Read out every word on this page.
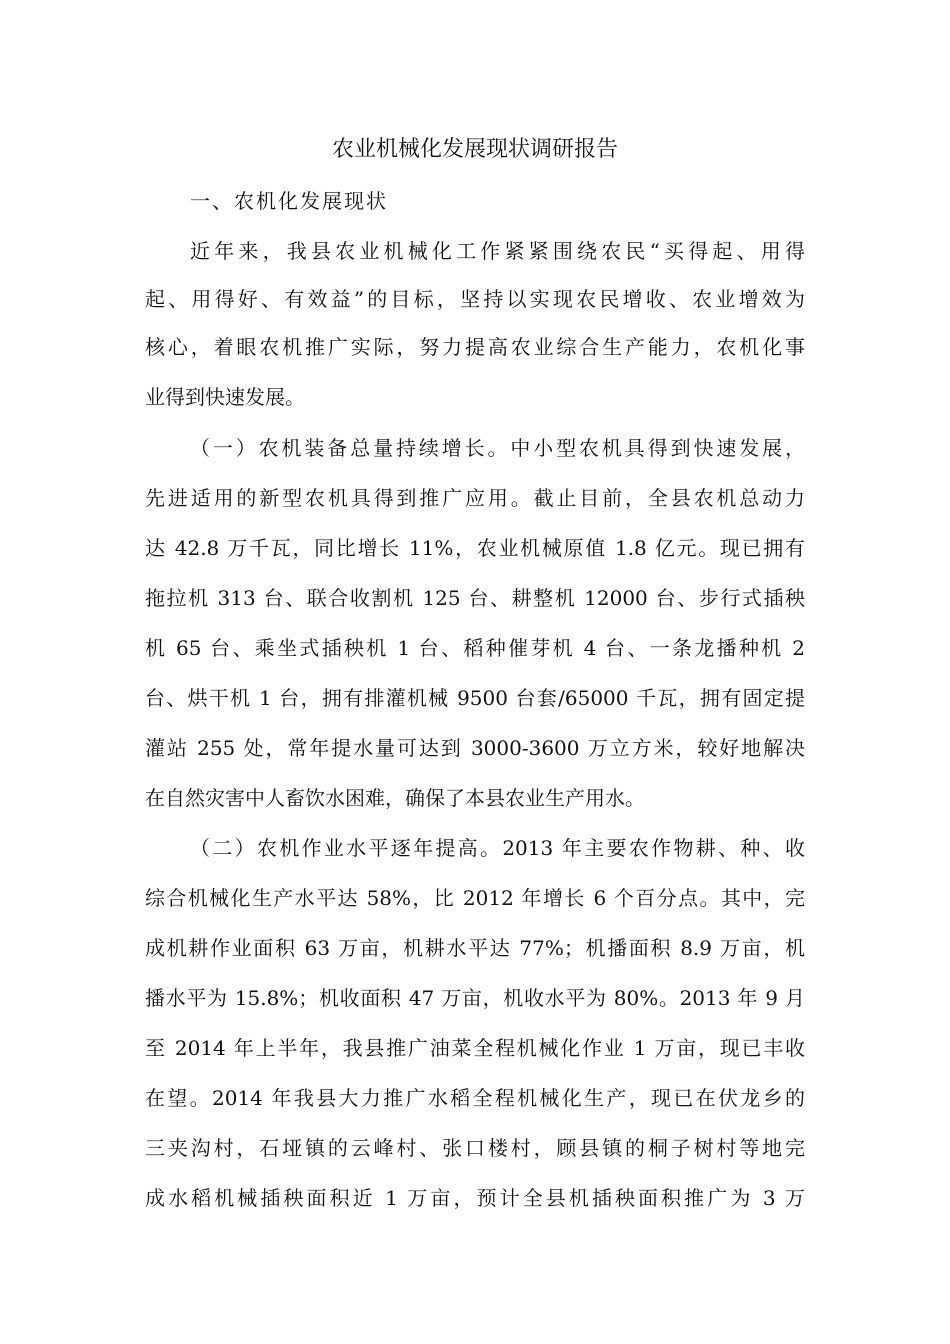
农业机械化发展现状调研报告
一、农机化发展现状
近年来，我县农业机械化工作紧紧围绕农民“买得起、用得
起、用得好、有效益”的目标，坚持以实现农民增收、农业增效为
核心，着眼农机推广实际，努力提高农业综合生产能力，农机化事
业得到快速发展。
（一）农机装备总量持续增长。中小型农机具得到快速发展，
先进适用的新型农机具得到推广应用。截止目前，全县农机总动力
达 42.8 万千瓦，同比增长 11%，农业机械原值 1.8 亿元。现已拥有
拖拉机 313 台、联合收割机 125 台、耕整机 12000 台、步行式插秧
机 65 台、乘坐式插秧机 1 台、稻种催芽机 4 台、一条龙播种机 2
台、烘干机 1 台，拥有排灌机械 9500 台套/65000 千瓦，拥有固定提
灌站 255 处，常年提水量可达到 3000-3600 万立方米，较好地解决
在自然灾害中人畜饮水困难，确保了本县农业生产用水。
（二）农机作业水平逐年提高。2013 年主要农作物耕、种、收
综合机械化生产水平达 58%，比 2012 年增长 6 个百分点。其中，完
成机耕作业面积 63 万亩，机耕水平达 77%；机播面积 8.9 万亩，机
播水平为 15.8%；机收面积 47 万亩，机收水平为 80%。2013 年 9 月
至 2014 年上半年，我县推广油菜全程机械化作业 1 万亩，现已丰收
在望。2014 年我县大力推广水稻全程机械化生产，现已在伏龙乡的
三夹沟村，石垭镇的云峰村、张口楼村，顾县镇的桐子树村等地完
成水稻机械插秧面积近 1 万亩，预计全县机插秧面积推广为 3 万
